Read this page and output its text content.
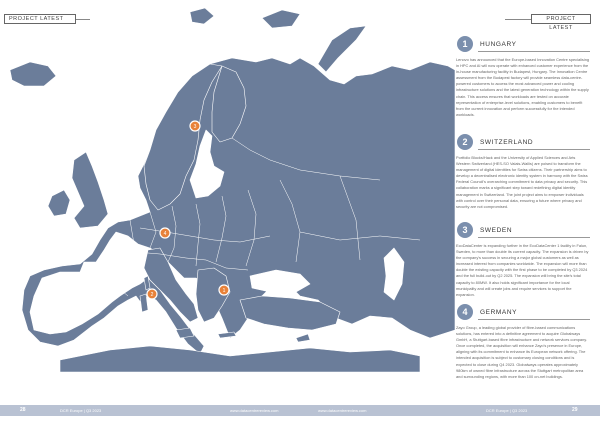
PROJECT LATEST	PROJECT LATEST
3
4
1
2
1	HUNGARY
Lenovo has announced that the Europe-based Innovation Centre specialising in HPC and AI will now operate with enhanced customer experience from the in-house manufacturing facility in Budapest, Hungary. The Innovation Centre assessment from the Budapest factory will provide seamless data-centre-powered customers to access the most advanced power and cooling infrastructure solutions and the latest generation technology within the supply chain. This access ensures that workloads are tested on accurate representation of enterprise-level solutions, enabling customers to benefit from the current innovation and perform successfully for the intended workloads.
2	SWITZERLAND
Portfolio Blocks/Hack and the University of Applied Sciences and Arts Western Switzerland (HES-SO Valais-Wallis) are poised to transform the management of digital identities for Swiss citizens. Their partnership aims to develop a decentralised electronic identity system in harmony with the Swiss Federal Council's overarching commitment to data privacy and security. This collaboration marks a significant step toward redefining digital identity management in Switzerland. The joint project aims to empower individuals with control over their personal data, ensuring a future where privacy and security are not compromised.
3	SWEDEN
EcoDataCenter is expanding further in the EcoDataCenter 1 facility in Falun, Sweden, to more than double its current capacity. The expansion is driven by the company's success in securing a major global customers as well as increased interest from companies worldwide. The expansion will more than double the existing capacity with the first phase to be completed by Q3 2024 and the full build-out by Q2 2025. The expansion will bring the site's total capacity to 80MW. It also holds significant importance for the local municipality and will create jobs and require services to support the expansion.
4	GERMANY
Zayo Group, a leading global provider of fibre-based communications solutions, has entered into a definitive agreement to acquire Globalways GmbH, a Stuttgart-based fibre infrastructure and network services company. Once completed, the acquisition will enhance Zayo's presence in Europe, aligning with its commitment to enhance its European network offering. The intended acquisition is subject to customary closing conditions and is expected to close during Q4 2023. Globalways operates approximately 980km of owned fibre infrastructure across the Stuttgart metropolitan area and surrounding regions, with more than 100 on-net buildings.
28	DCR Europe | Q3 2023	www.datacentrereview.com	www.datacentrereview.com	DCR Europe | Q3 2023	29
